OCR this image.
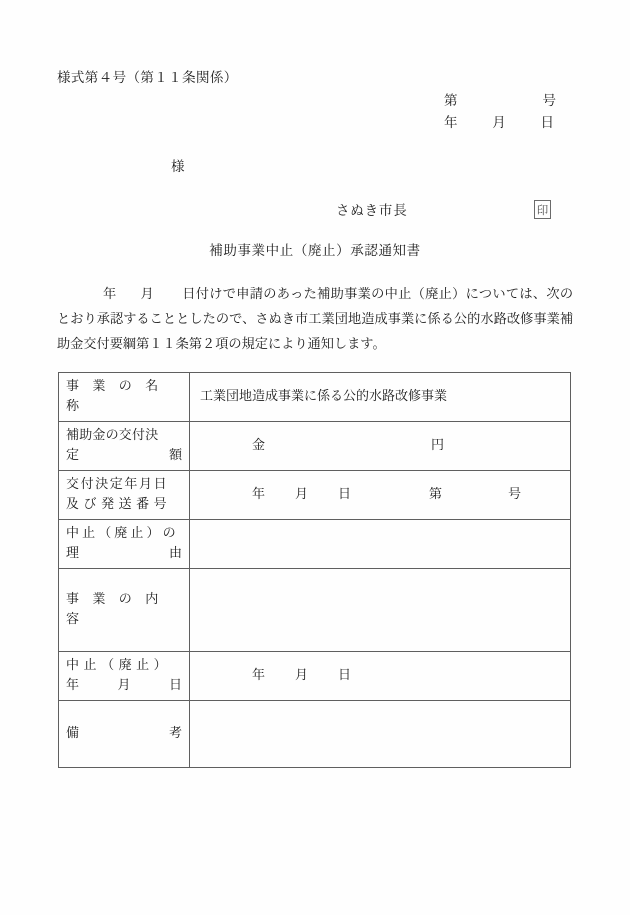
様式第４号（第１１条関係）
第	号
年	月	日
様
さぬき市長	印
補助事業中止（廃止）承認通知書
年 月 日付けで申請のあった補助事業の中止（廃止）については、次のとおり承認することとしたので、さぬき市工業団地造成事業に係る公的水路改修事業補助金交付要綱第１１条第２項の規定により通知します。
事　業　の　名　称	工業団地造成事業に係る公的水路改修事業

補助金の交付決
定 額	金 円

交付決定年月日
及 び 発 送 番 号	年 月 日 第 号

中止（廃止）の
理 由	

事　業　の　内　容	

中 止 （ 廃 止 ）
年 月 日	年 月 日

備 考	
